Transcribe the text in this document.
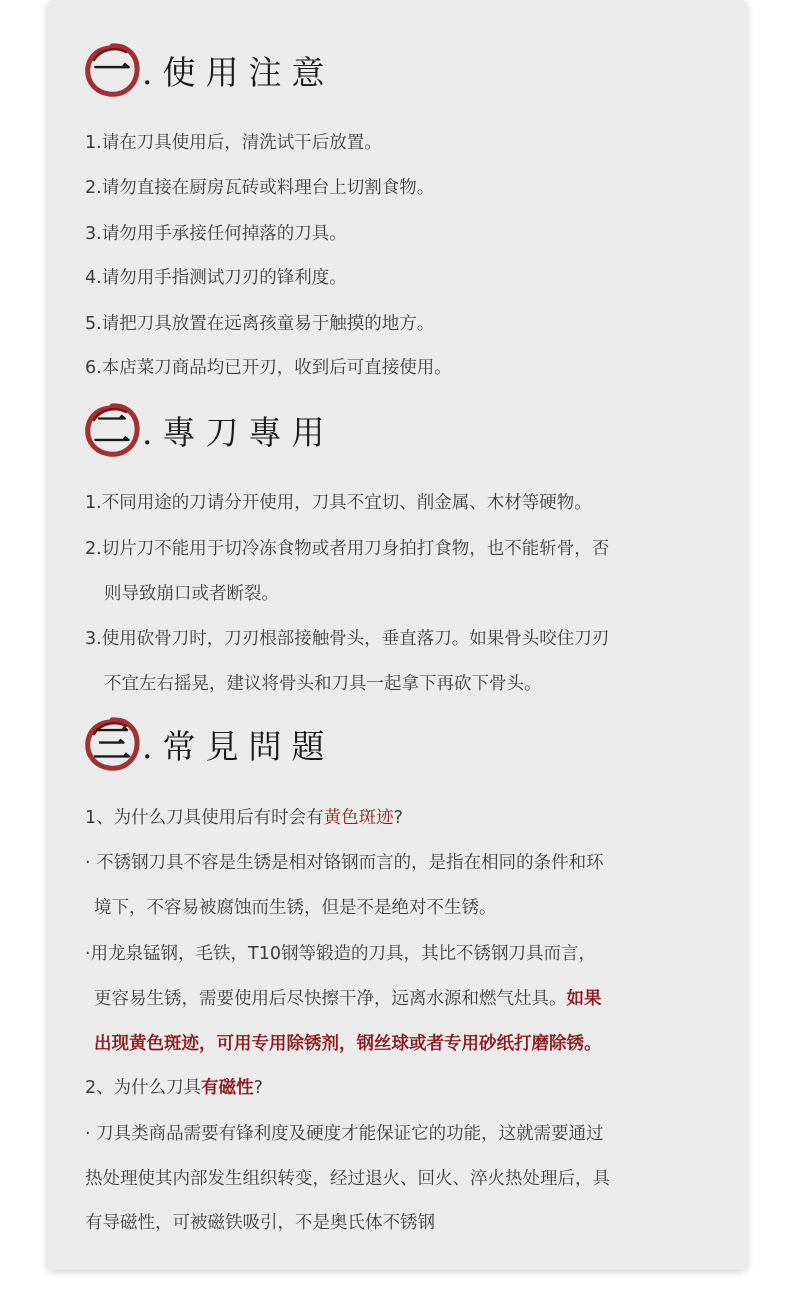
一 .使用注意
1.请在刀具使用后，清洗试干后放置。
2.请勿直接在厨房瓦砖或料理台上切割食物。
3.请勿用手承接任何掉落的刀具。
4.请勿用手指测试刀刃的锋利度。
5.请把刀具放置在远离孩童易于触摸的地方。
6.本店菜刀商品均已开刃，收到后可直接使用。
二 .專刀專用
1.不同用途的刀请分开使用，刀具不宜切、削金属、木材等硬物。
2.切片刀不能用于切冷冻食物或者用刀身拍打食物，也不能斩骨，否
则导致崩口或者断裂。
3.使用砍骨刀时，刀刃根部接触骨头，垂直落刀。如果骨头咬住刀刃
不宜左右摇晃，建议将骨头和刀具一起拿下再砍下骨头。
三 .常見問題
1、为什么刀具使用后有时会有黄色斑迹?
· 不锈钢刀具不容是生锈是相对铬钢而言的，是指在相同的条件和环
境下，不容易被腐蚀而生锈，但是不是绝对不生锈。
·用龙泉锰钢，毛铁，T10钢等锻造的刀具，其比不锈钢刀具而言，
更容易生锈，需要使用后尽快擦干净，远离水源和燃气灶具。如果
出现黄色斑迹，可用专用除锈剂，钢丝球或者专用砂纸打磨除锈。
2、为什么刀具有磁性?
· 刀具类商品需要有锋利度及硬度才能保证它的功能，这就需要通过
热处理使其内部发生组织转变，经过退火、回火、淬火热处理后，具
有导磁性，可被磁铁吸引，不是奥氏体不锈钢
